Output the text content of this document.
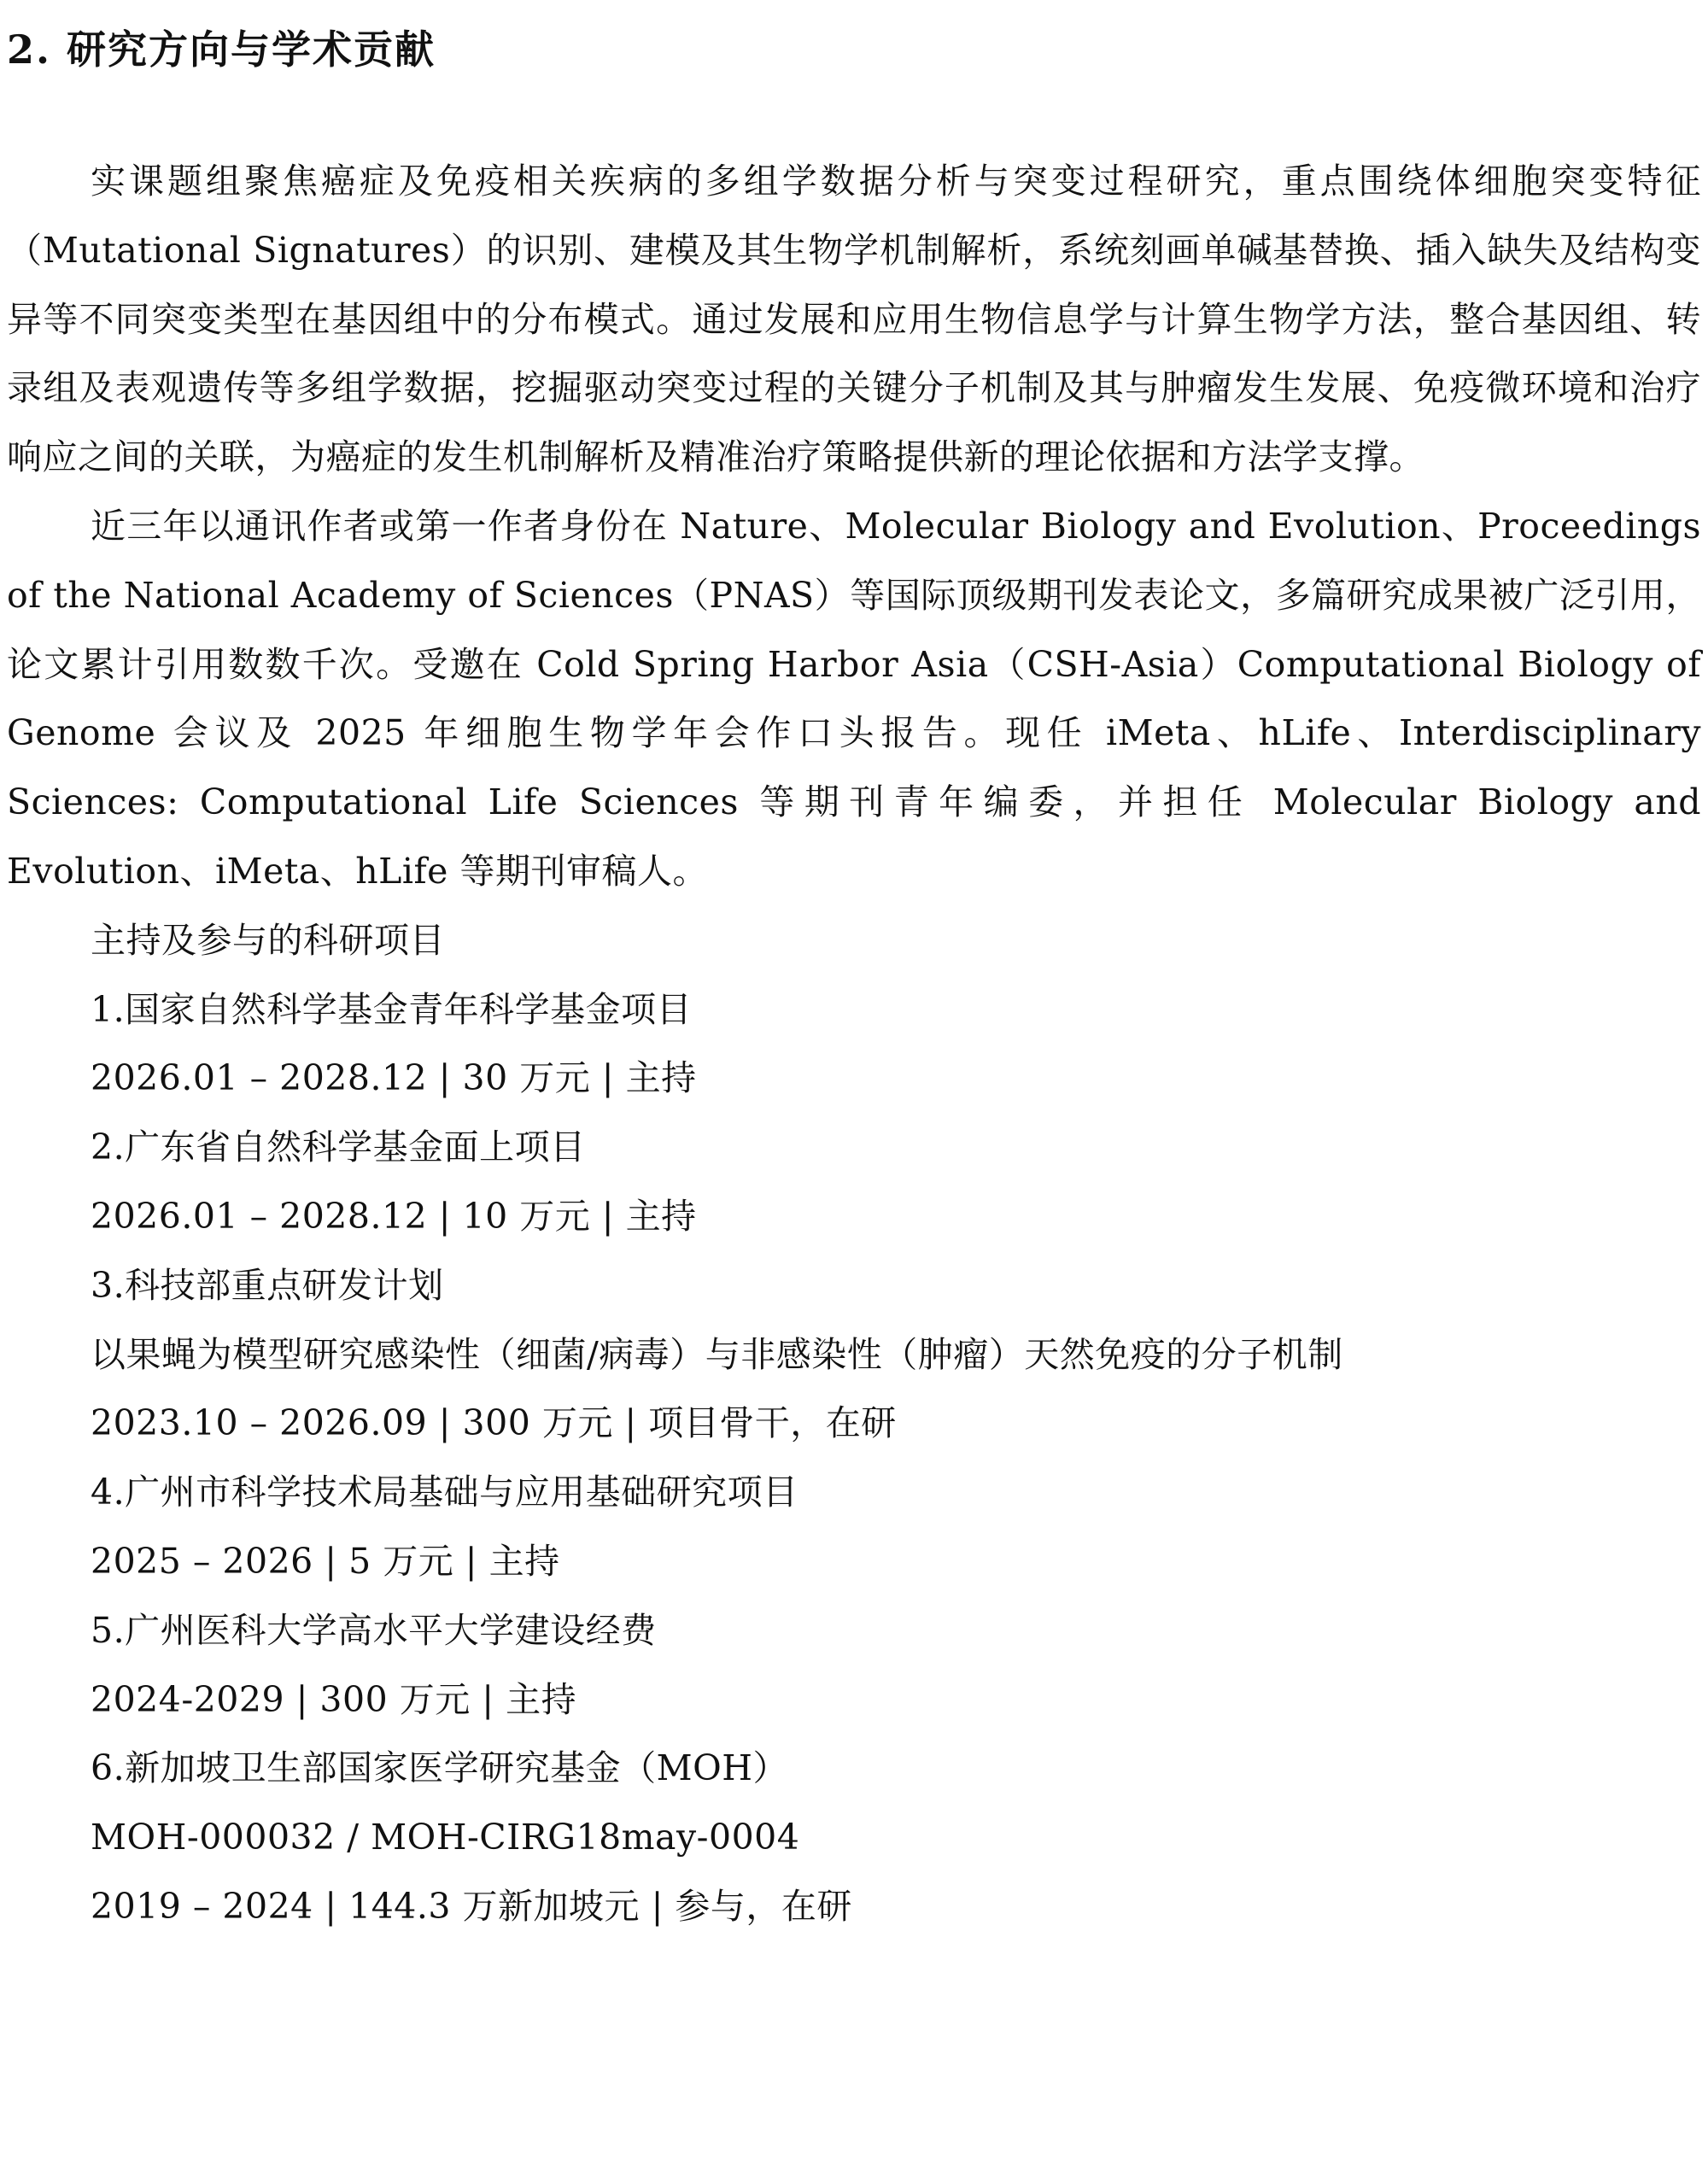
2. 研究方向与学术贡献

实课题组聚焦癌症及免疫相关疾病的多组学数据分析与突变过程研究，重点围绕体细胞突变特征（Mutational Signatures）的识别、建模及其生物学机制解析，系统刻画单碱基替换、插入缺失及结构变异等不同突变类型在基因组中的分布模式。通过发展和应用生物信息学与计算生物学方法，整合基因组、转录组及表观遗传等多组学数据，挖掘驱动突变过程的关键分子机制及其与肿瘤发生发展、免疫微环境和治疗响应之间的关联，为癌症的发生机制解析及精准治疗策略提供新的理论依据和方法学支撑。

近三年以通讯作者或第一作者身份在 Nature、Molecular Biology and Evolution、Proceedings of the National Academy of Sciences（PNAS）等国际顶级期刊发表论文，多篇研究成果被广泛引用，论文累计引用数数千次。受邀在 Cold Spring Harbor Asia（CSH-Asia）Computational Biology of Genome 会议及 2025 年细胞生物学年会作口头报告。现任 iMeta、hLife、Interdisciplinary Sciences: Computational Life Sciences 等期刊青年编委，并担任 Molecular Biology and Evolution、iMeta、hLife 等期刊审稿人。

主持及参与的科研项目

1.国家自然科学基金青年科学基金项目

2026.01 – 2028.12 | 30 万元 | 主持

2.广东省自然科学基金面上项目

2026.01 – 2028.12 | 10 万元 | 主持

3.科技部重点研发计划

以果蝇为模型研究感染性（细菌/病毒）与非感染性（肿瘤）天然免疫的分子机制

2023.10 – 2026.09 | 300 万元 | 项目骨干，在研

4.广州市科学技术局基础与应用基础研究项目

2025 – 2026 | 5 万元 | 主持

5.广州医科大学高水平大学建设经费

2024-2029 | 300 万元 | 主持

6.新加坡卫生部国家医学研究基金（MOH）

MOH-000032 / MOH-CIRG18may-0004

2019 – 2024 | 144.3 万新加坡元 | 参与，在研
